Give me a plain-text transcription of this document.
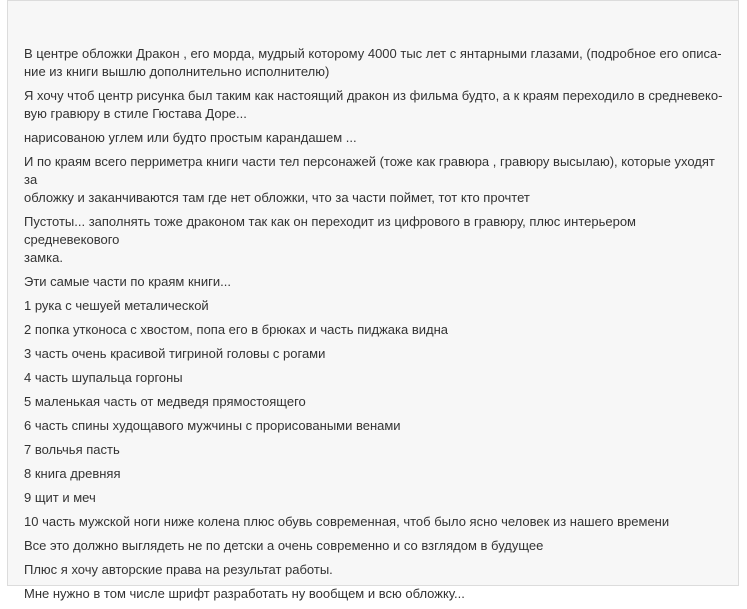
В центре обложки Дракон , его морда, мудрый которому 4000 тыс лет с янтарными глазами, (подробное его описа-
ние из книги вышлю дополнительно исполнителю)

Я хочу чтоб центр рисунка был таким как настоящий дракон из фильма будто, а к краям переходило в средневеко-
вую гравюру в стиле Гюстава Доре...

нарисованою углем или будто простым карандашем ...

И по краям всего перриметра книги части тел персонажей (тоже как гравюра , гравюру высылаю), которые уходят за
обложку и заканчиваются там где нет обложки, что за части поймет, тот кто прочтет

Пустоты... заполнять тоже драконом так как он переходит из цифрового в гравюру, плюс интерьером средневекового
замка.

Эти самые части по краям книги...

1 рука с чешуей металической

2 попка утконоса с хвостом, попа его в брюках и часть пиджака видна

3 часть очень красивой тигриной головы с рогами

4 часть шупальца горгоны

5 маленькая часть от медведя прямостоящего

6 часть спины худощавого мужчины с прорисоваными венами

7 вольчья пасть

8 книга древняя

9 щит и меч

10 часть мужской ноги ниже колена плюс обувь современная, чтоб было ясно человек из нашего времени

Все это должно выглядеть не по детски а очень современно и со взглядом в будущее

Плюс я хочу авторские права на результат работы.

Мне нужно в том числе шрифт разработать ну вообщем и всю обложку...
